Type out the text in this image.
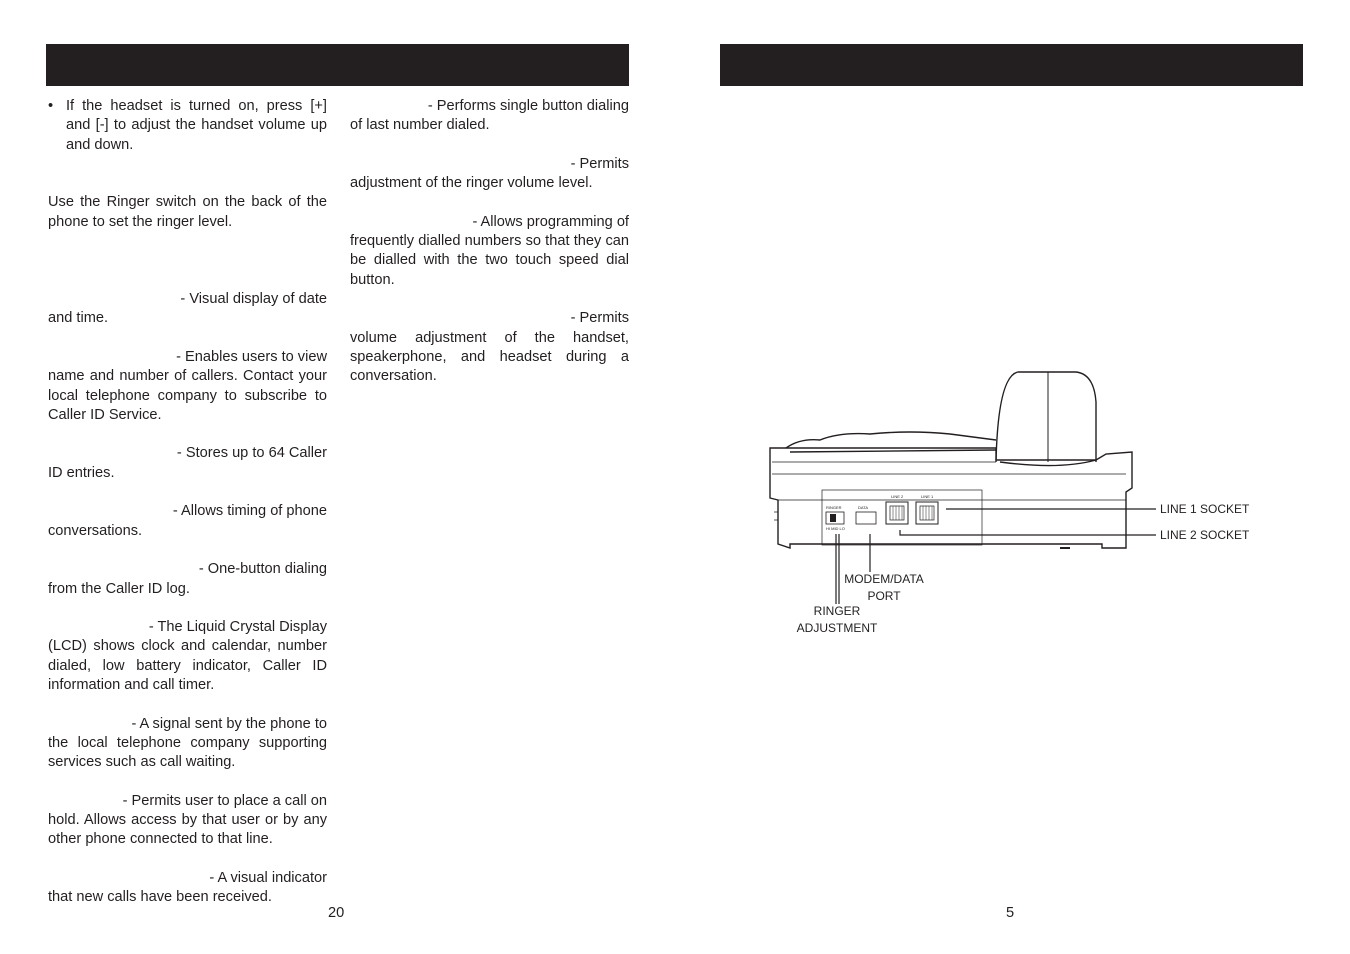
• If the headset is turned on, press [+] and [-] to adjust the handset volume up and down.

Use the Ringer switch on the back of the phone to set the ringer level.

- Visual display of date

and time.

- Enables users to view

name and number of callers. Contact your local telephone company to subscribe to Caller ID Service.

- Stores up to 64 Caller

ID entries.

- Allows timing of phone

conversations.

- One-button dialing

from the Caller ID log.

- The Liquid Crystal Display

(LCD) shows clock and calendar, number dialed, low battery indicator, Caller ID information and call timer.

- A signal sent by the phone to

the local telephone company supporting services such as call waiting.

- Permits user to place a call on

hold. Allows access by that user or by any other phone connected to that line.

- A visual indicator

that new calls have been received.

- Performs single button dialing

of last number dialed.

- Permits

adjustment of the ringer volume level.

- Allows programming of

frequently dialled numbers so that they can be dialled with the two touch speed dial button.

- Permits

volume adjustment of the handset, speakerphone, and headset during a conversation.

20	5
RINGER
HI MID LO
DATA
LINE 2	LINE 1
LINE 1 SOCKET
LINE 2 SOCKET
MODEM/DATA
PORT
RINGER
ADJUSTMENT
